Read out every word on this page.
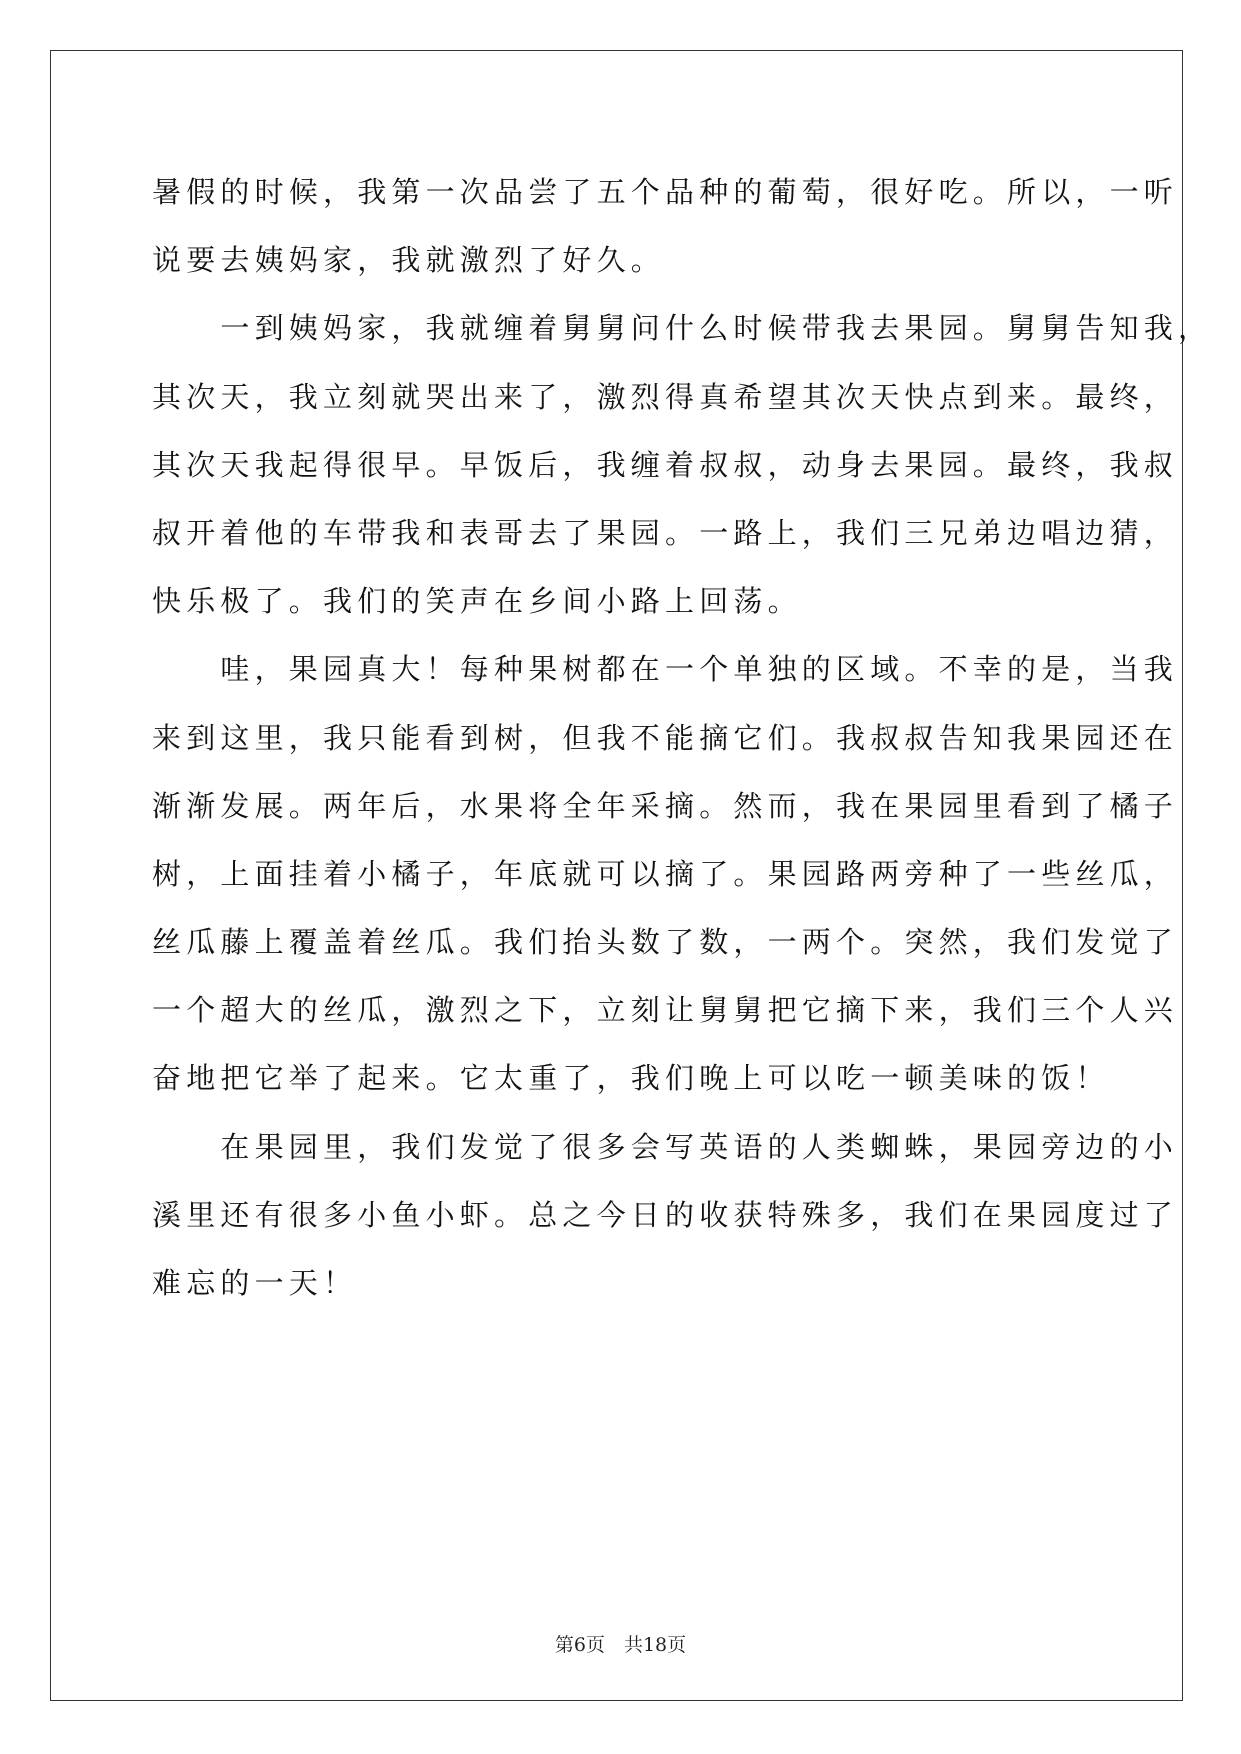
暑假的时候，我第一次品尝了五个品种的葡萄，很好吃。所以，一听
说要去姨妈家，我就激烈了好久。
　　一到姨妈家，我就缠着舅舅问什么时候带我去果园。舅舅告知我，
其次天，我立刻就哭出来了，激烈得真希望其次天快点到来。最终，
其次天我起得很早。早饭后，我缠着叔叔，动身去果园。最终，我叔
叔开着他的车带我和表哥去了果园。一路上，我们三兄弟边唱边猜，
快乐极了。我们的笑声在乡间小路上回荡。
　　哇，果园真大！每种果树都在一个单独的区域。不幸的是，当我
来到这里，我只能看到树，但我不能摘它们。我叔叔告知我果园还在
渐渐发展。两年后，水果将全年采摘。然而，我在果园里看到了橘子
树，上面挂着小橘子，年底就可以摘了。果园路两旁种了一些丝瓜，
丝瓜藤上覆盖着丝瓜。我们抬头数了数，一两个。突然，我们发觉了
一个超大的丝瓜，激烈之下，立刻让舅舅把它摘下来，我们三个人兴
奋地把它举了起来。它太重了，我们晚上可以吃一顿美味的饭！
　　在果园里，我们发觉了很多会写英语的人类蜘蛛，果园旁边的小
溪里还有很多小鱼小虾。总之今日的收获特殊多，我们在果园度过了
难忘的一天！
第6页　共18页
